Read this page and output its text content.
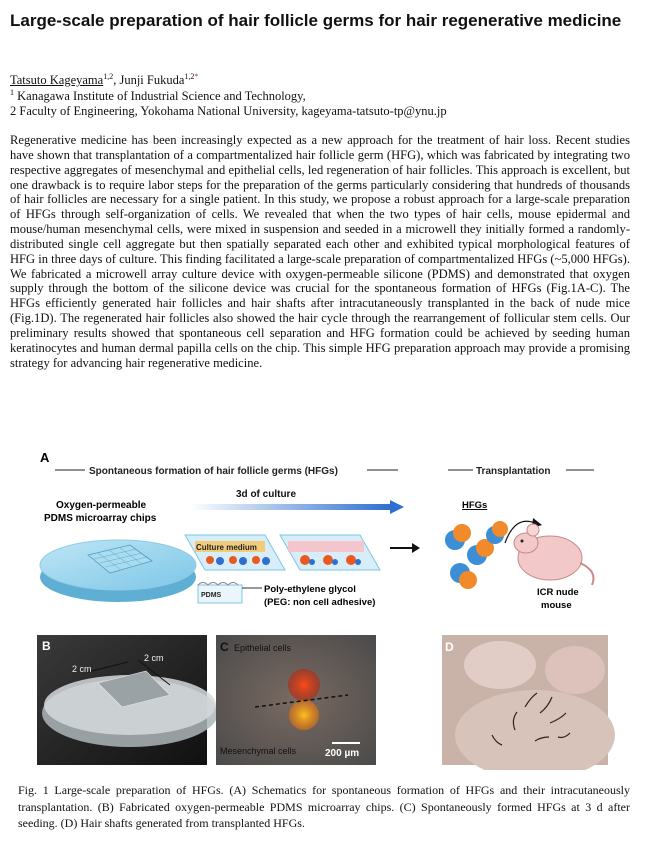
Large-scale preparation of hair follicle germs for hair regenerative medicine
Tatsuto Kageyama$^{1,2}$, Junji Fukuda$^{1,2*}$
$^1$ Kanagawa Institute of Industrial Science and Technology,
2 Faculty of Engineering, Yokohama National University, kageyama-tatsuto-tp@ynu.jp

Regenerative medicine has been increasingly expected as a new approach for the treatment of hair loss. Recent studies have shown that transplantation of a compartmentalized hair follicle germ (HFG), which was fabricated by integrating two respective aggregates of mesenchymal and epithelial cells, led regeneration of hair follicles. This approach is excellent, but one drawback is to require labor steps for the preparation of the germs particularly considering that hundreds of thousands of hair follicles are necessary for a single patient. In this study, we propose a robust approach for a large-scale preparation of HFGs through self-organization of cells. We revealed that when the two types of hair cells, mouse epidermal and mouse/human mesenchymal cells, were mixed in suspension and seeded in a microwell they initially formed a randomly-distributed single cell aggregate but then spatially separated each other and exhibited typical morphological features of HFG in three days of culture. This finding facilitated a large-scale preparation of compartmentalized HFGs (~5,000 HFGs). We fabricated a microwell array culture device with oxygen-permeable silicone (PDMS) and demonstrated that oxygen supply through the bottom of the silicone device was crucial for the spontaneous formation of HFGs (Fig.1A-C). The HFGs efficiently generated hair follicles and hair shafts after intracutaneously transplanted in the back of nude mice (Fig.1D). The regenerated hair follicles also showed the hair cycle through the rearrangement of follicular stem cells. Our preliminary results showed that spontaneous cell separation and HFG formation could be achieved by seeding human keratinocytes and human dermal papilla cells on the chip. This simple HFG preparation approach may provide a promising strategy for advancing hair regenerative medicine.

A
Spontaneous formation of hair follicle germs (HFGs)	Transplantation
3d of culture
Oxygen-permeable
PDMS microarray chips
Culture medium
PDMS
Poly-ethylene glycol
(PEG: non cell adhesive)
HFGs
ICR nude
mouse
B
2 cm
2 cm
C Epithelial cells
Mesenchymal cells	200 µm
D

Fig. 1 Large-scale preparation of HFGs. (A) Schematics for spontaneous formation of HFGs and their intracutaneously transplantation. (B) Fabricated oxygen-permeable PDMS microarray chips. (C) Spontaneously formed HFGs at 3 d after seeding. (D) Hair shafts generated from transplanted HFGs.
